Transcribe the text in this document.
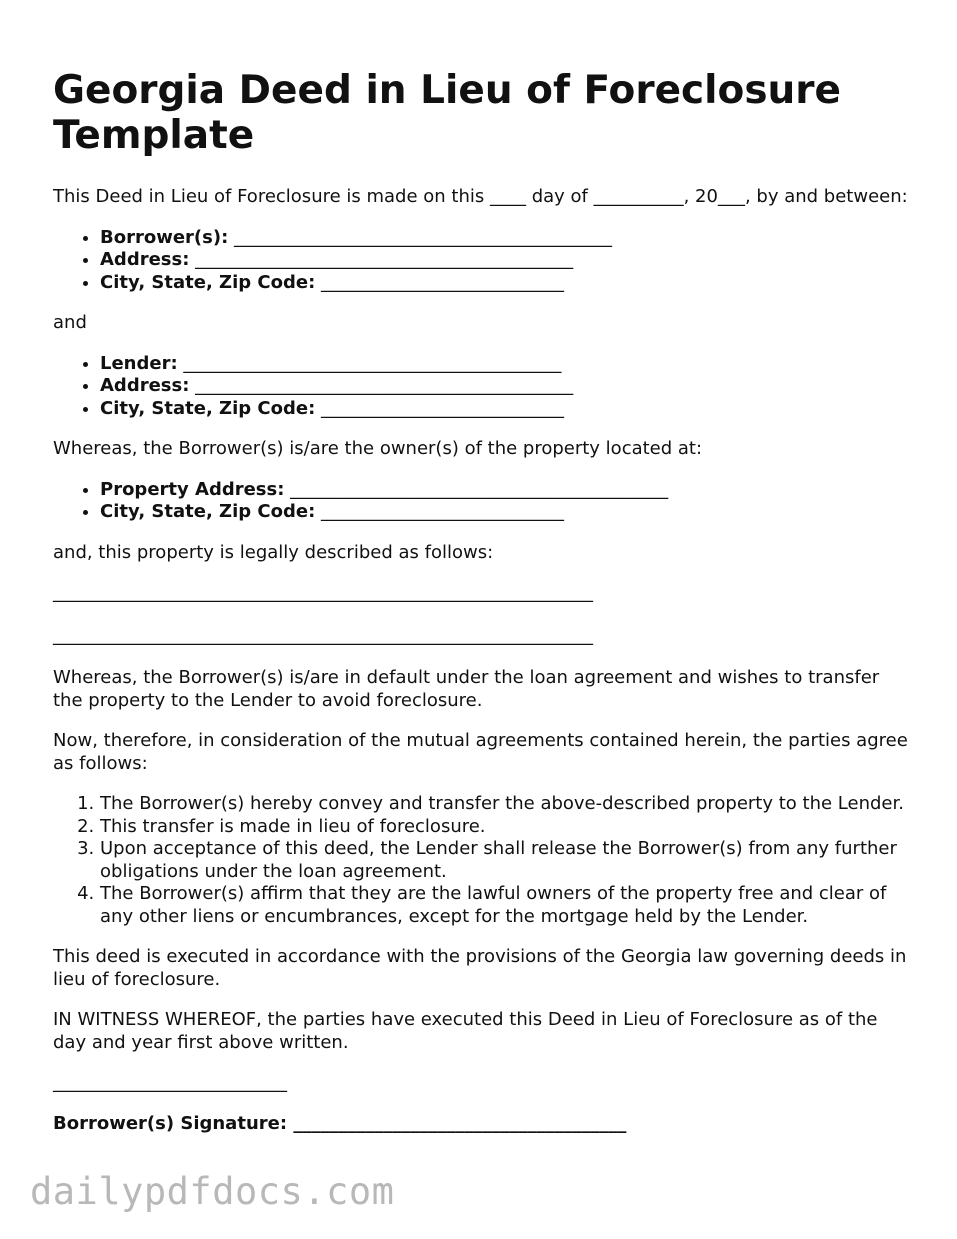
Georgia Deed in Lieu of Foreclosure Template

This Deed in Lieu of Foreclosure is made on this ____ day of __________, 20___, by and between:

• Borrower(s): __________________________________________
• Address: __________________________________________
• City, State, Zip Code: ___________________________

and

• Lender: __________________________________________
• Address: __________________________________________
• City, State, Zip Code: ___________________________

Whereas, the Borrower(s) is/are the owner(s) of the property located at:

• Property Address: __________________________________________
• City, State, Zip Code: ___________________________

and, this property is legally described as follows:

____________________________________________________________

____________________________________________________________

Whereas, the Borrower(s) is/are in default under the loan agreement and wishes to transfer the property to the Lender to avoid foreclosure.

Now, therefore, in consideration of the mutual agreements contained herein, the parties agree as follows:

1. The Borrower(s) hereby convey and transfer the above-described property to the Lender.
2. This transfer is made in lieu of foreclosure.
3. Upon acceptance of this deed, the Lender shall release the Borrower(s) from any further obligations under the loan agreement.
4. The Borrower(s) affirm that they are the lawful owners of the property free and clear of any other liens or encumbrances, except for the mortgage held by the Lender.

This deed is executed in accordance with the provisions of the Georgia law governing deeds in lieu of foreclosure.

IN WITNESS WHEREOF, the parties have executed this Deed in Lieu of Foreclosure as of the day and year first above written.

__________________________

Borrower(s) Signature: _____________________________________

dailypdfdocs.com
